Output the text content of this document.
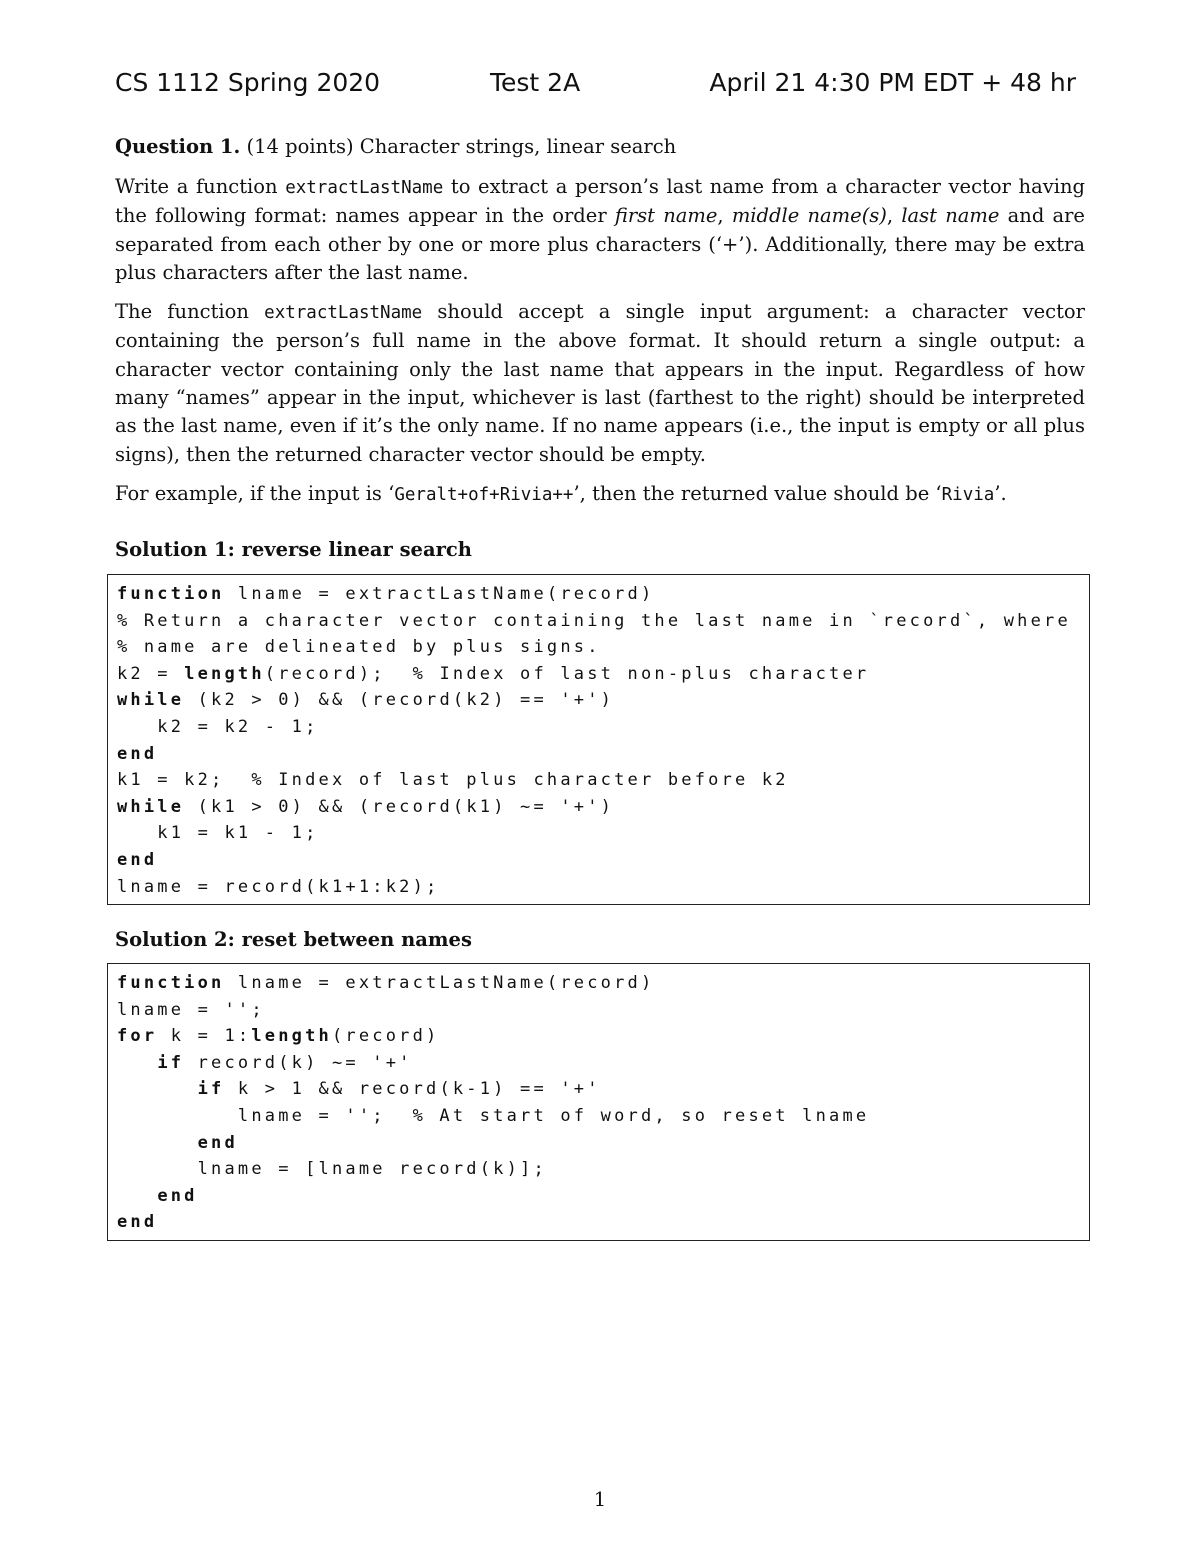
CS 1112 Spring 2020	Test 2A	April 21 4:30 PM EDT + 48 hr
Question 1. (14 points) Character strings, linear search

Write a function extractLastName to extract a person’s last name from a character vector having the following format: names appear in the order first name, middle name(s), last name and are separated from each other by one or more plus characters (‘+’). Additionally, there may be extra plus characters after the last name.

The function extractLastName should accept a single input argument: a character vector containing the person’s full name in the above format. It should return a single output: a character vector containing only the last name that appears in the input. Regardless of how many “names” appear in the input, whichever is last (farthest to the right) should be interpreted as the last name, even if it’s the only name. If no name appears (i.e., the input is empty or all plus signs), then the returned character vector should be empty.

For example, if the input is ‘Geralt+of+Rivia++’, then the returned value should be ‘Rivia’.

Solution 1: reverse linear search
function lname = extractLastName(record)
% Return a character vector containing the last name in `record`, where
% name are delineated by plus signs.
k2 = length(record);  % Index of last non-plus character
while (k2 > 0) && (record(k2) == '+')
k2 = k2 - 1;
end
k1 = k2;  % Index of last plus character before k2
while (k1 > 0) && (record(k1) ~= '+')
k1 = k1 - 1;
end
lname = record(k1+1:k2);
Solution 2: reset between names
function lname = extractLastName(record)
lname = '';
for k = 1:length(record)
if record(k) ~= '+'
if k > 1 && record(k-1) == '+'
lname = '';  % At start of word, so reset lname
end
lname = [lname record(k)];
end
end
1
